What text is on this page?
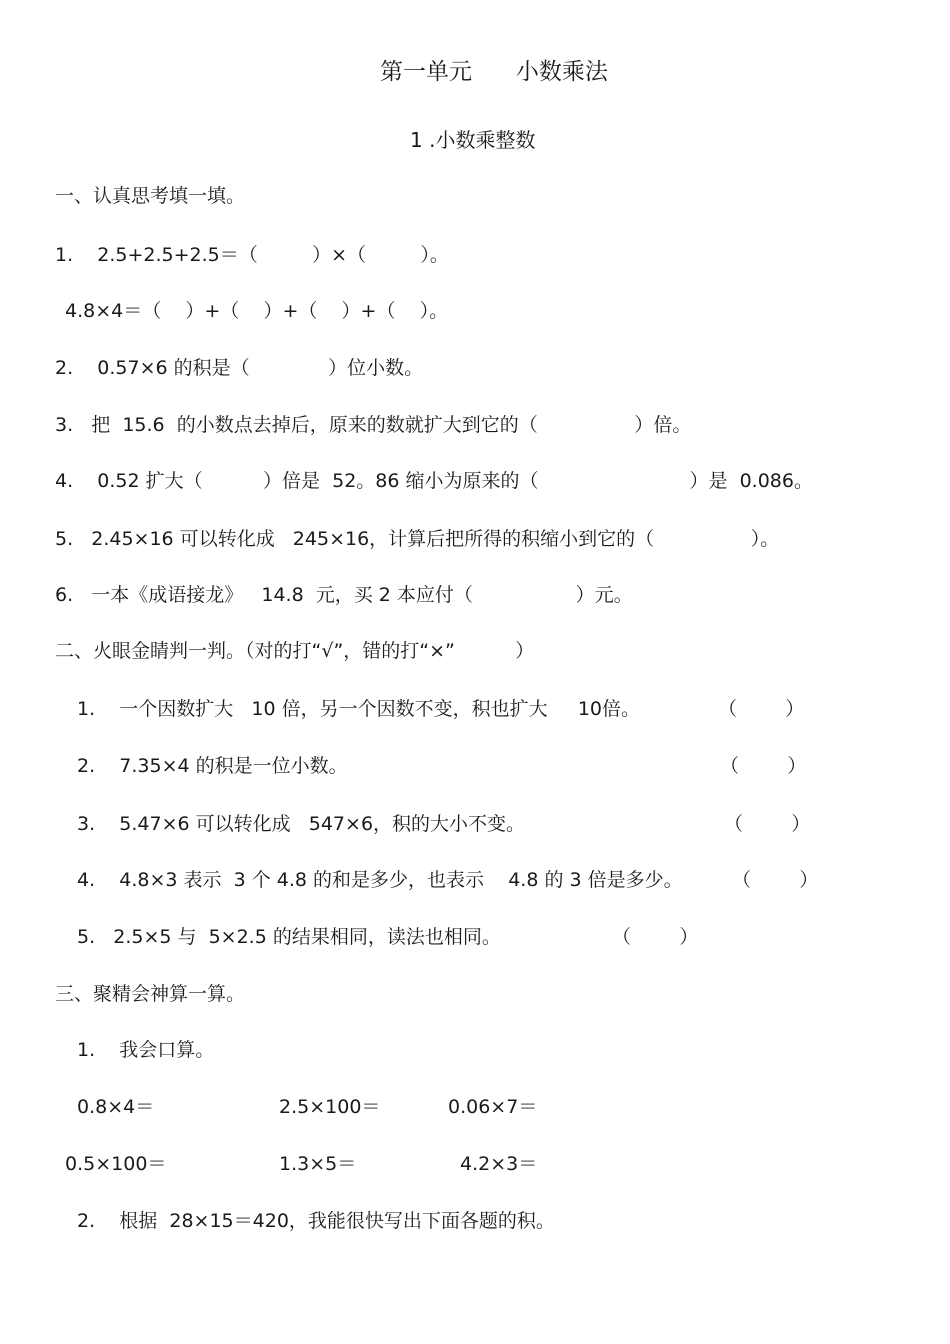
第一单元      小数乘法
1 .小数乘整数
一、认真思考填一填。
1.    2.5+2.5+2.5＝（         ）×（         ）。
4.8×4＝（    ）+（    ）+（    ）+（    ）。
2.    0.57×6 的积是（             ）位小数。
3.   把  15.6  的小数点去掉后，原来的数就扩大到它的（                ）倍。
4.    0.52 扩大（          ）倍是  52。86 缩小为原来的（                         ）是  0.086。
5.   2.45×16 可以转化成   245×16，计算后把所得的积缩小到它的（                ）。
6.   一本《成语接龙》   14.8  元，买 2 本应付（                 ）元。
二、火眼金睛判一判。（对的打“√”，错的打“×”          ）
1.    一个因数扩大   10 倍，另一个因数不变，积也扩大     10倍。	（        ）
2.    7.35×4 的积是一位小数。	（        ）
3.    5.47×6 可以转化成   547×6，积的大小不变。	（        ）
4.    4.8×3 表示  3 个 4.8 的和是多少，也表示    4.8 的 3 倍是多少。	（        ）
5.   2.5×5 与  5×2.5 的结果相同，读法也相同。	（        ）
三、聚精会神算一算。
1.    我会口算。
0.8×4＝	2.5×100＝	0.06×7＝
0.5×100＝	1.3×5＝	4.2×3＝
2.    根据  28×15＝420，我能很快写出下面各题的积。
